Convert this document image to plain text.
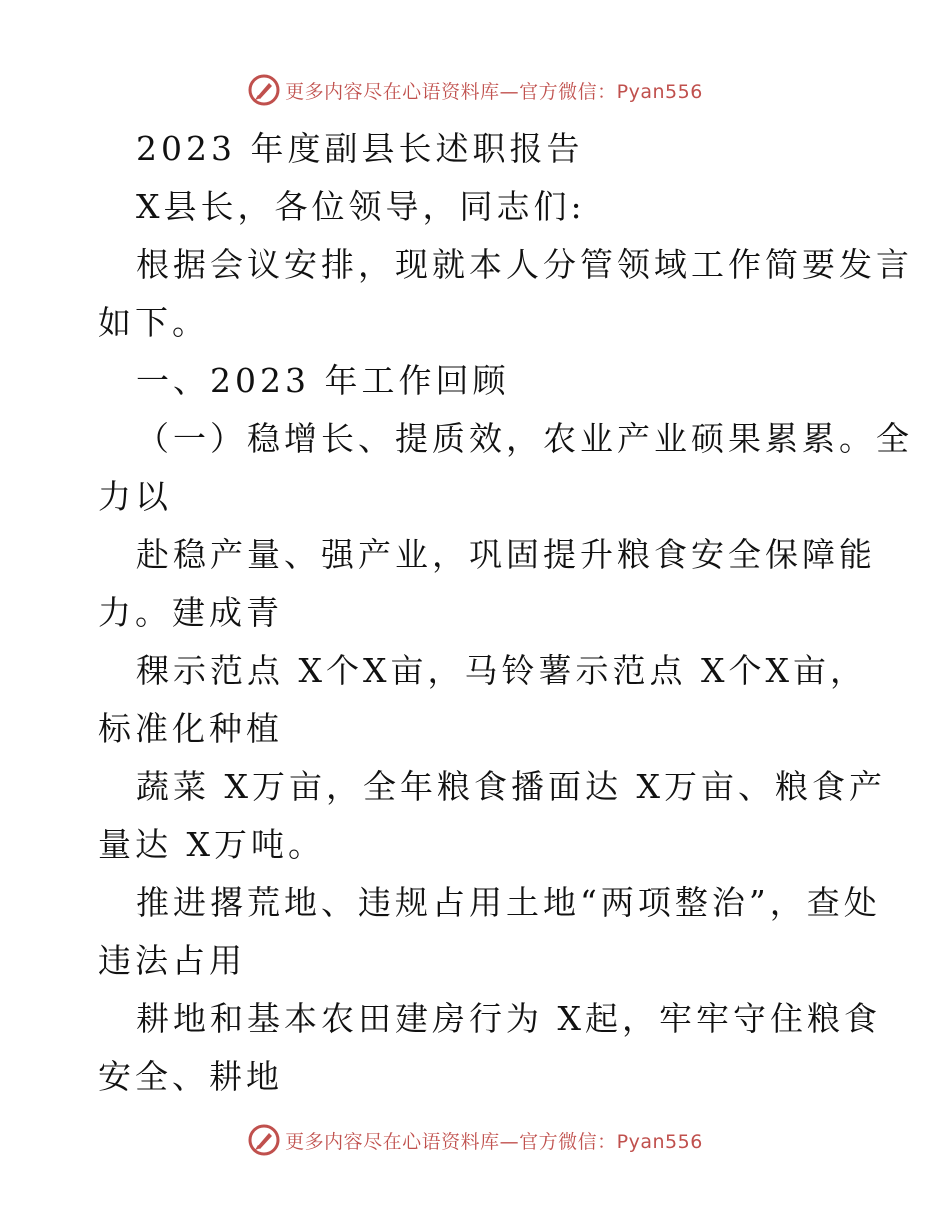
更多内容尽在心语资料库—官方微信：Pyan556
2023 年度副县长述职报告
X县长，各位领导，同志们:
根据会议安排，现就本人分管领域工作简要发言
如下。
一、2023 年工作回顾
（一）稳增长、提质效，农业产业硕果累累。全
力以
赴稳产量、强产业，巩固提升粮食安全保障能
力。建成青
稞示范点 X个X亩，马铃薯示范点 X个X亩，
标准化种植
蔬菜 X万亩，全年粮食播面达 X万亩、粮食产
量达 X万吨。
推进撂荒地、违规占用土地“两项整治”，查处
违法占用
耕地和基本农田建房行为 X起，牢牢守住粮食
安全、耕地
更多内容尽在心语资料库—官方微信：Pyan556
